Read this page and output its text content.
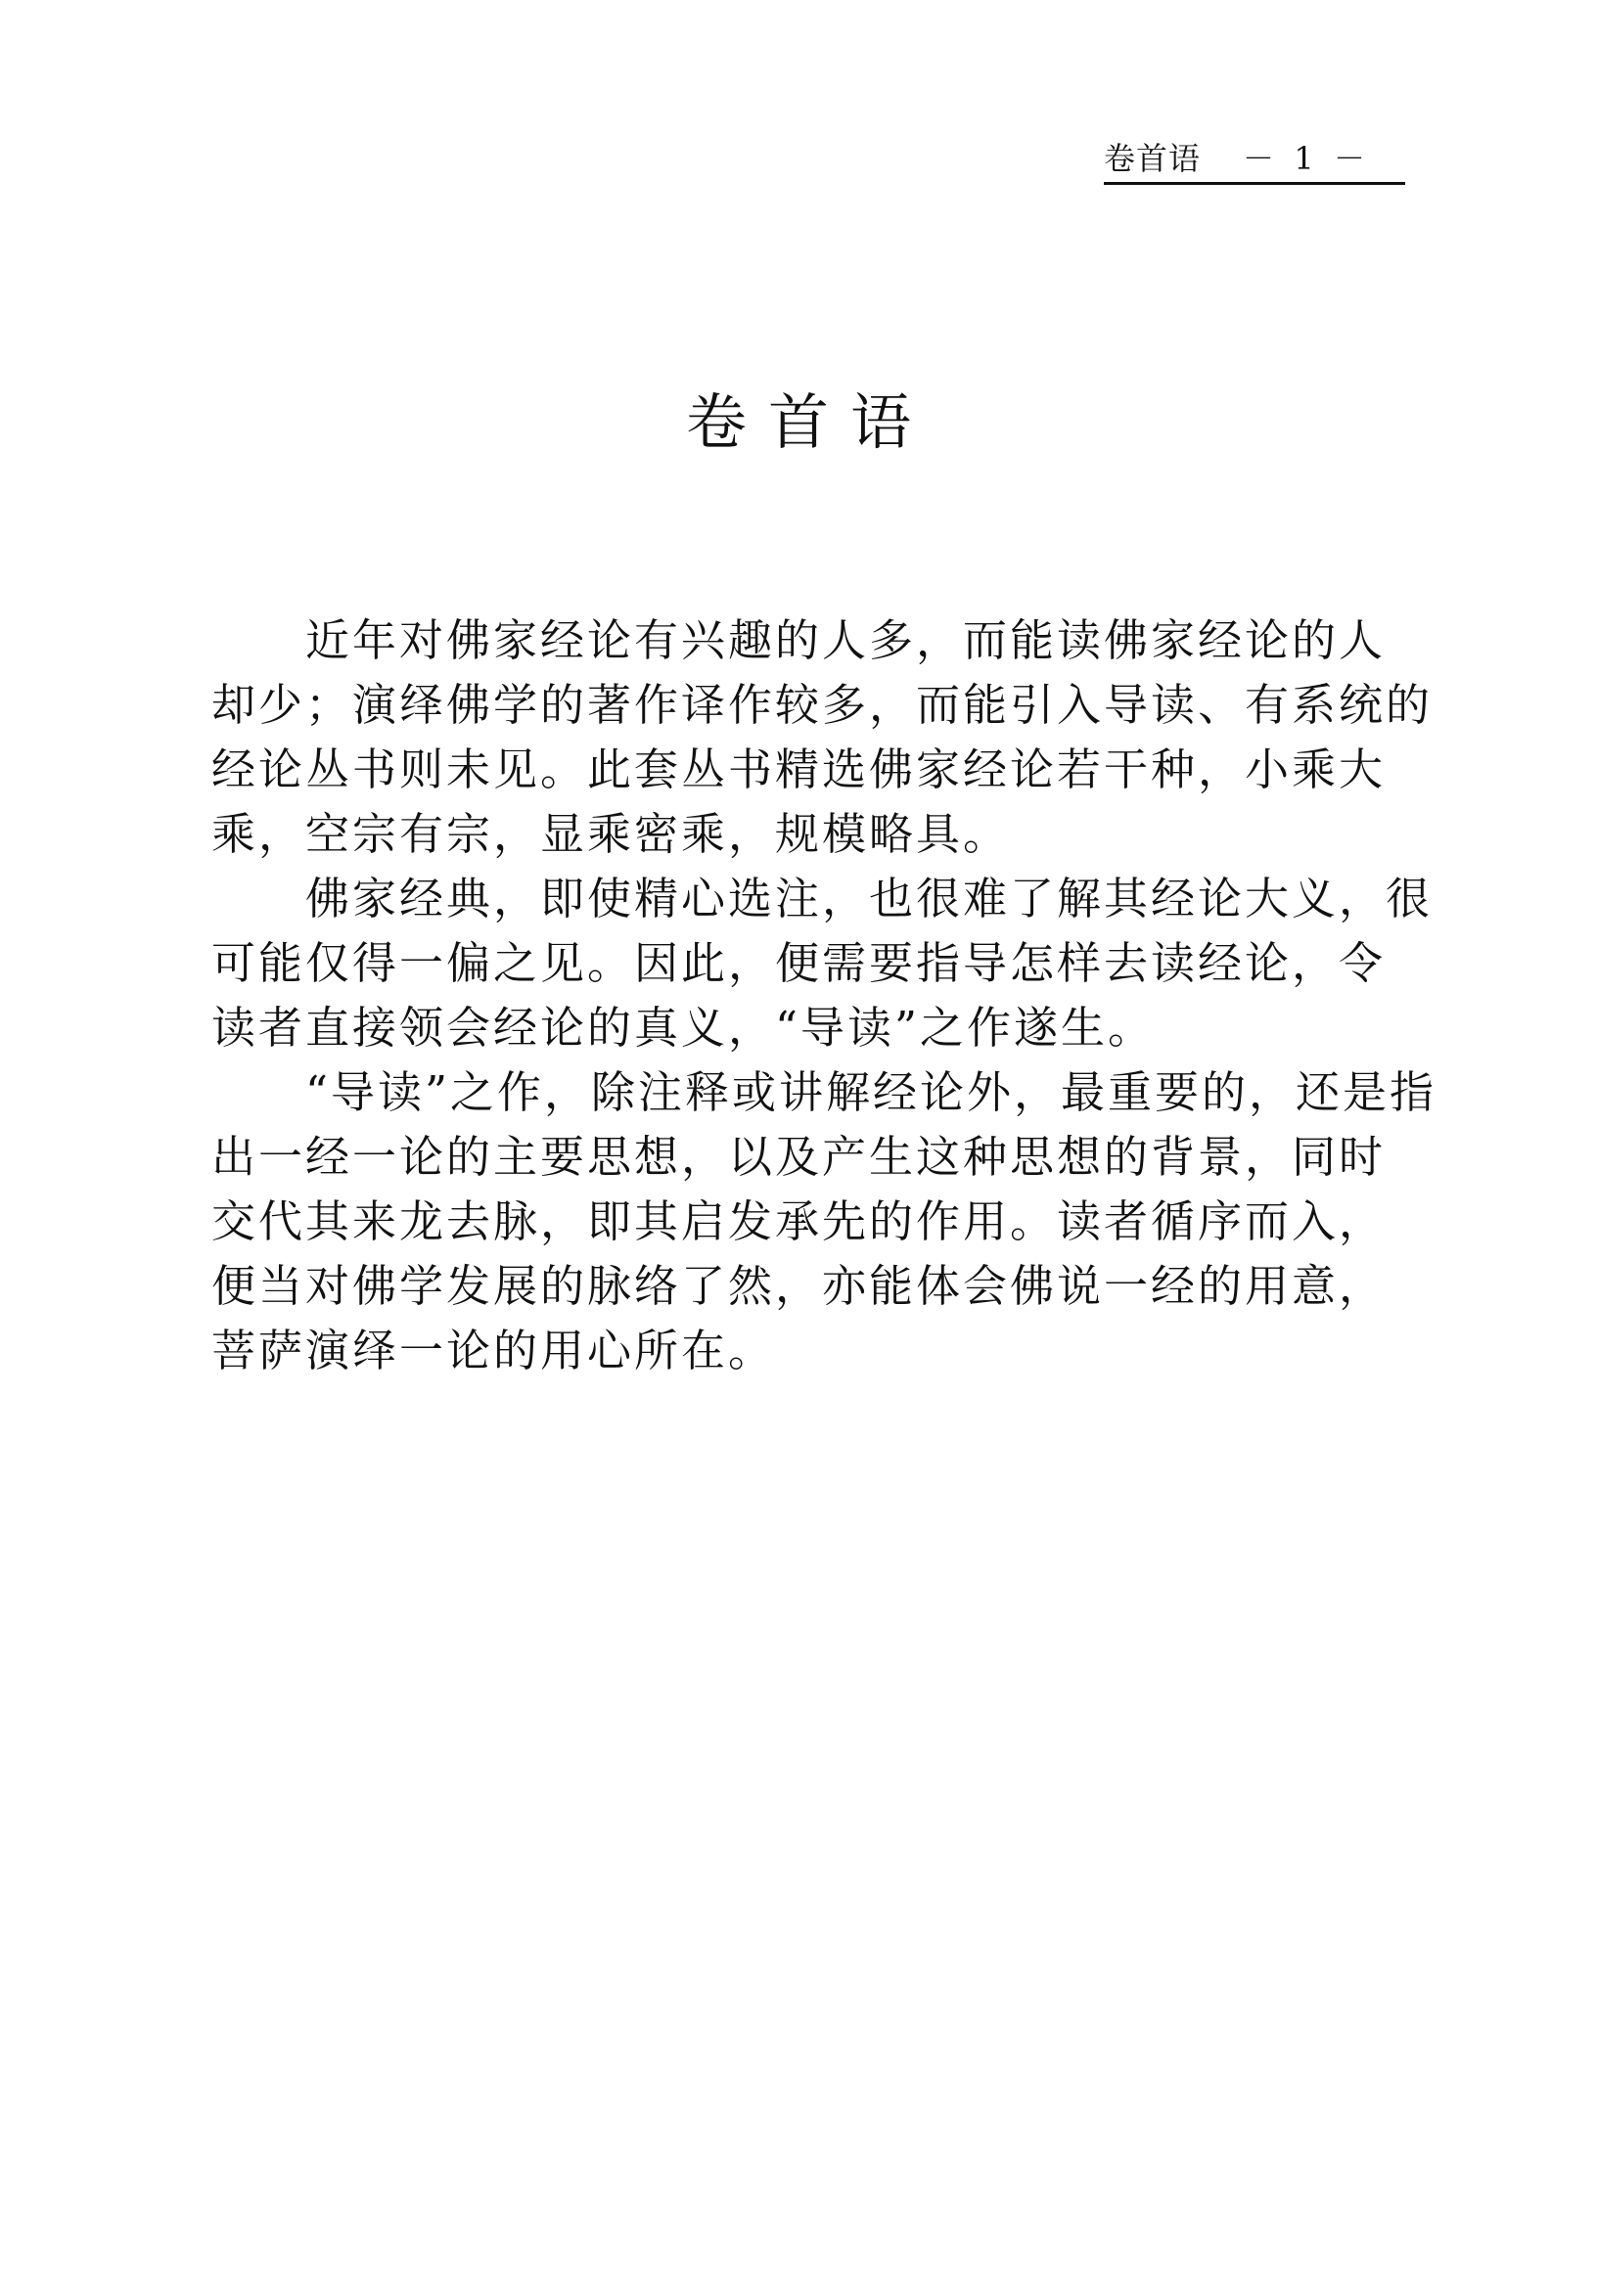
卷首语 －  1  －
卷首语

近年对佛家经论有兴趣的人多，而能读佛家经论的人
却少；演绎佛学的著作译作较多，而能引入导读、有系统的
经论丛书则未见。此套丛书精选佛家经论若干种，小乘大
乘，空宗有宗，显乘密乘，规模略具。

佛家经典，即使精心选注，也很难了解其经论大义，很
可能仅得一偏之见。因此，便需要指导怎样去读经论，令
读者直接领会经论的真义，“导读”之作遂生。

“导读”之作，除注释或讲解经论外，最重要的，还是指
出一经一论的主要思想，以及产生这种思想的背景，同时
交代其来龙去脉，即其启发承先的作用。读者循序而入，
便当对佛学发展的脉络了然，亦能体会佛说一经的用意，
菩萨演绎一论的用心所在。
